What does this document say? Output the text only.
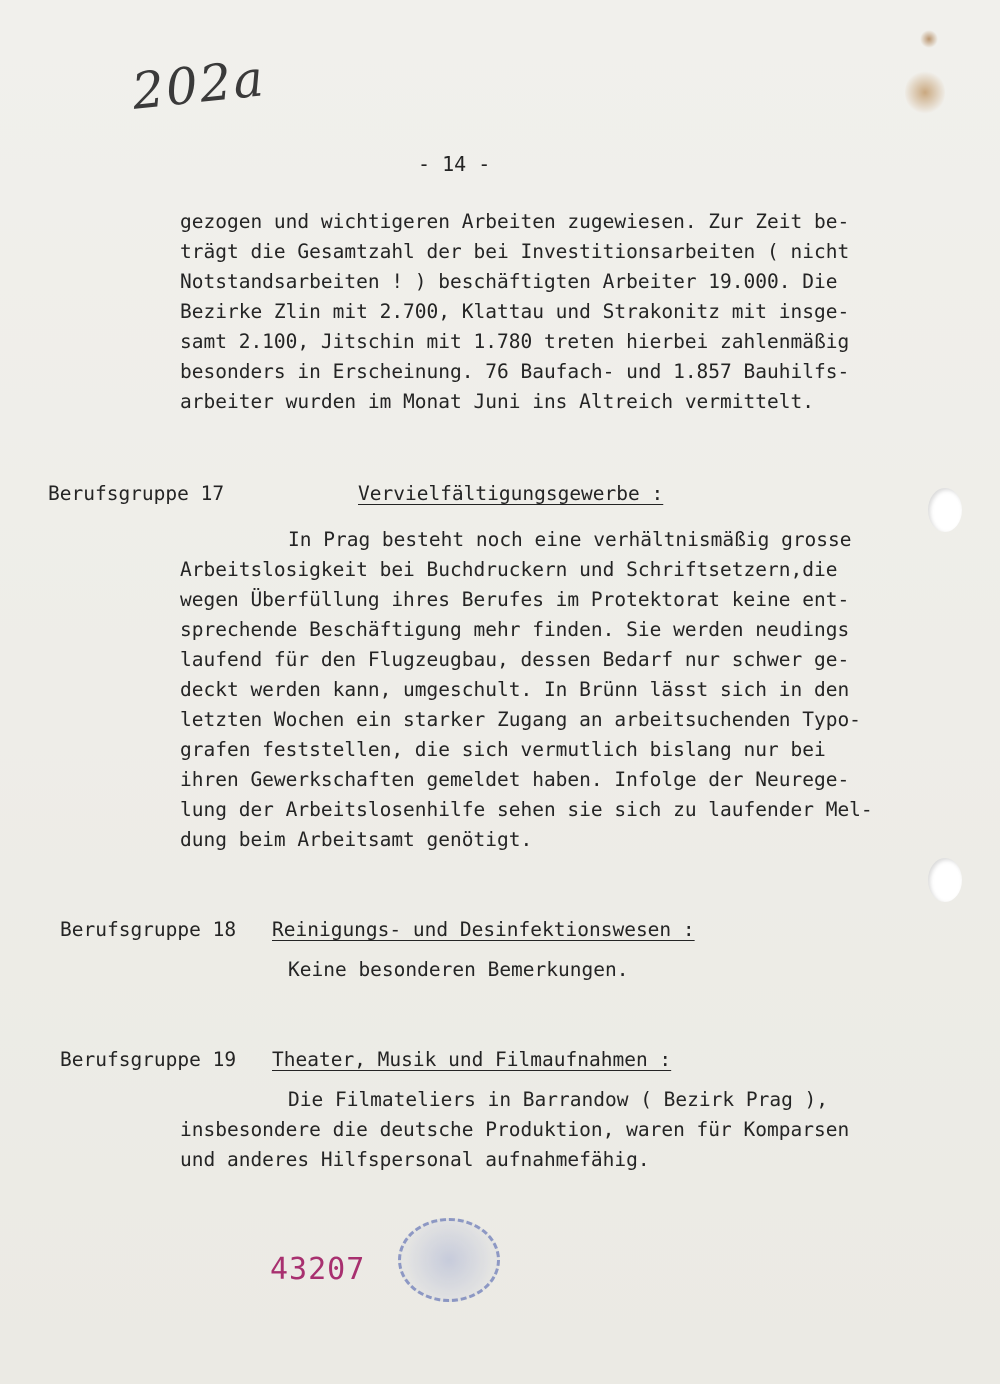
202a
- 14 -
gezogen und wichtigeren Arbeiten zugewiesen. Zur Zeit be-
trägt die Gesamtzahl der bei Investitionsarbeiten ( nicht
Notstandsarbeiten ! ) beschäftigten Arbeiter 19.000. Die
Bezirke Zlin mit 2.700, Klattau und Strakonitz mit insge-
samt 2.100, Jitschin mit 1.780 treten hierbei zahlenmäßig
besonders in Erscheinung. 76 Baufach- und 1.857 Bauhilfs-
arbeiter wurden im Monat Juni ins Altreich vermittelt.
Berufsgruppe 17	Vervielfältigungsgewerbe :
In Prag besteht noch eine verhältnismäßig grosse
Arbeitslosigkeit bei Buchdruckern und Schriftsetzern,die
wegen Überfüllung ihres Berufes im Protektorat keine ent-
sprechende Beschäftigung mehr finden. Sie werden neudings
laufend für den Flugzeugbau, dessen Bedarf nur schwer ge-
deckt werden kann, umgeschult. In Brünn lässt sich in den
letzten Wochen ein starker Zugang an arbeitsuchenden Typo-
grafen feststellen, die sich vermutlich bislang nur bei
ihren Gewerkschaften gemeldet haben. Infolge der Neurege-
lung der Arbeitslosenhilfe sehen sie sich zu laufender Mel-
dung beim Arbeitsamt genötigt.
Berufsgruppe 18 Reinigungs- und Desinfektionswesen :
Keine besonderen Bemerkungen.
Berufsgruppe 19 Theater, Musik und Filmaufnahmen :
Die Filmateliers in Barrandow ( Bezirk Prag ),
insbesondere die deutsche Produktion, waren für Komparsen
und anderes Hilfspersonal aufnahmefähig.
43207
